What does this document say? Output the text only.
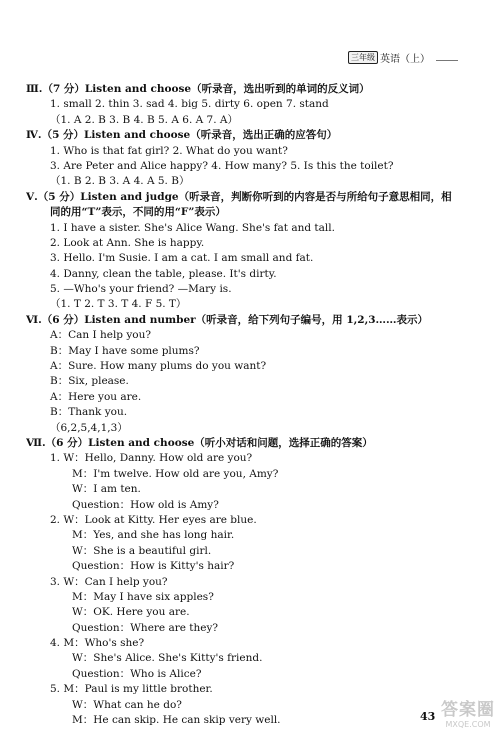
三年级 英语（上）
Ⅲ.（7 分）Listen and choose（听录音，选出听到的单词的反义词）
1. small 2. thin 3. sad 4. big 5. dirty 6. open 7. stand
（1. A 2. B 3. B 4. B 5. A 6. A 7. A）
Ⅳ.（5 分）Listen and choose（听录音，选出正确的应答句）
1. Who is that fat girl? 2. What do you want?
3. Are Peter and Alice happy? 4. How many? 5. Is this the toilet?
（1. B 2. B 3. A 4. A 5. B）
Ⅴ.（5 分）Listen and judge（听录音，判断你听到的内容是否与所给句子意思相同，相
同的用“T”表示，不同的用“F”表示）
1. I have a sister. She's Alice Wang. She's fat and tall.
2. Look at Ann. She is happy.
3. Hello. I'm Susie. I am a cat. I am small and fat.
4. Danny, clean the table, please. It's dirty.
5. —Who's your friend? —Mary is.
（1. T 2. T 3. T 4. F 5. T）
Ⅵ.（6 分）Listen and number（听录音，给下列句子编号，用 1,2,3……表示）
A：Can I help you?
B：May I have some plums?
A：Sure. How many plums do you want?
B：Six, please.
A：Here you are.
B：Thank you.
（6,2,5,4,1,3）
Ⅶ.（6 分）Listen and choose（听小对话和问题，选择正确的答案）
1. W：Hello, Danny. How old are you?
M：I'm twelve. How old are you, Amy?
W：I am ten.
Question：How old is Amy?
2. W：Look at Kitty. Her eyes are blue.
M：Yes, and she has long hair.
W：She is a beautiful girl.
Question：How is Kitty's hair?
3. W：Can I help you?
M：May I have six apples?
W：OK. Here you are.
Question：Where are they?
4. M：Who's she?
W：She's Alice. She's Kitty's friend.
Question：Who is Alice?
5. M：Paul is my little brother.
W：What can he do?
M：He can skip. He can skip very well.	43 答案圈
MXQE.COM
